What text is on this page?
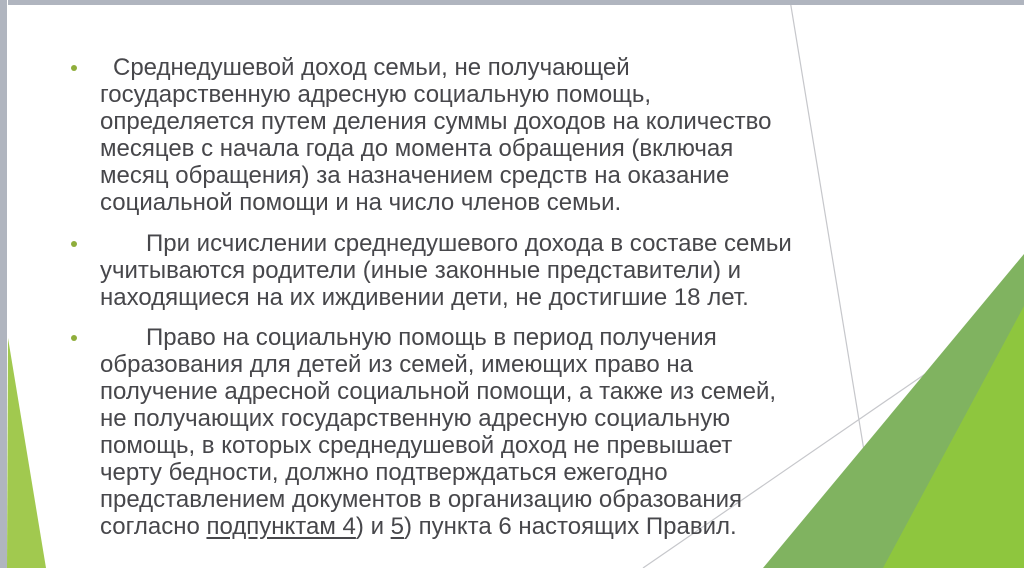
Среднедушевой доход семьи, не получающей
государственную адресную социальную помощь,
определяется путем деления суммы доходов на количество
месяцев с начала года до момента обращения (включая
месяц обращения) за назначением средств на оказание
социальной помощи и на число членов семьи.
При исчислении среднедушевого дохода в составе семьи
учитываются родители (иные законные представители) и
находящиеся на их иждивении дети, не достигшие 18 лет.
Право на социальную помощь в период получения
образования для детей из семей, имеющих право на
получение адресной социальной помощи, а также из семей,
не получающих государственную адресную социальную
помощь, в которых среднедушевой доход не превышает
черту бедности, должно подтверждаться ежегодно
представлением документов в организацию образования
согласно подпунктам 4) и 5) пункта 6 настоящих Правил.
